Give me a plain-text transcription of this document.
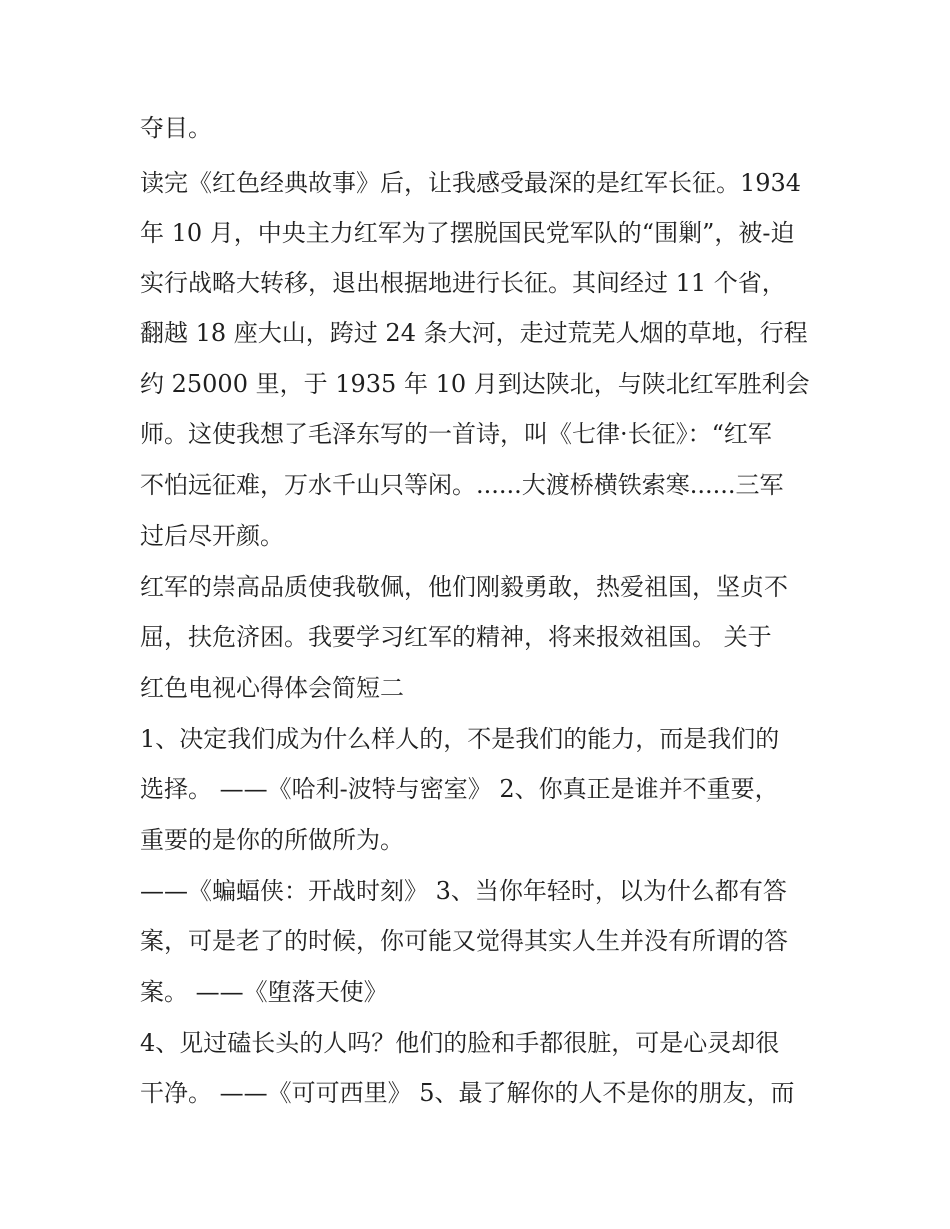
夺目。

读完《红色经典故事》后，让我感受最深的是红军长征。1934

年 10 月，中央主力红军为了摆脱国民党军队的“围剿”，被-迫

实行战略大转移，退出根据地进行长征。其间经过 11 个省，

翻越 18 座大山，跨过 24 条大河，走过荒芜人烟的草地，行程

约 25000 里，于 1935 年 10 月到达陕北，与陕北红军胜利会

师。这使我想了毛泽东写的一首诗，叫《七律·长征》：“红军

不怕远征难，万水千山只等闲。......大渡桥横铁索寒......三军

过后尽开颜。

红军的崇高品质使我敬佩，他们刚毅勇敢，热爱祖国，坚贞不

屈，扶危济困。我要学习红军的精神，将来报效祖国。 关于

红色电视心得体会简短二

1、决定我们成为什么样人的，不是我们的能力，而是我们的

选择。 ——《哈利-波特与密室》 2、你真正是谁并不重要，

重要的是你的所做所为。

——《蝙蝠侠：开战时刻》 3、当你年轻时，以为什么都有答

案，可是老了的时候，你可能又觉得其实人生并没有所谓的答

案。 ——《堕落天使》

4、见过磕长头的人吗？他们的脸和手都很脏，可是心灵却很

干净。 ——《可可西里》 5、最了解你的人不是你的朋友，而
